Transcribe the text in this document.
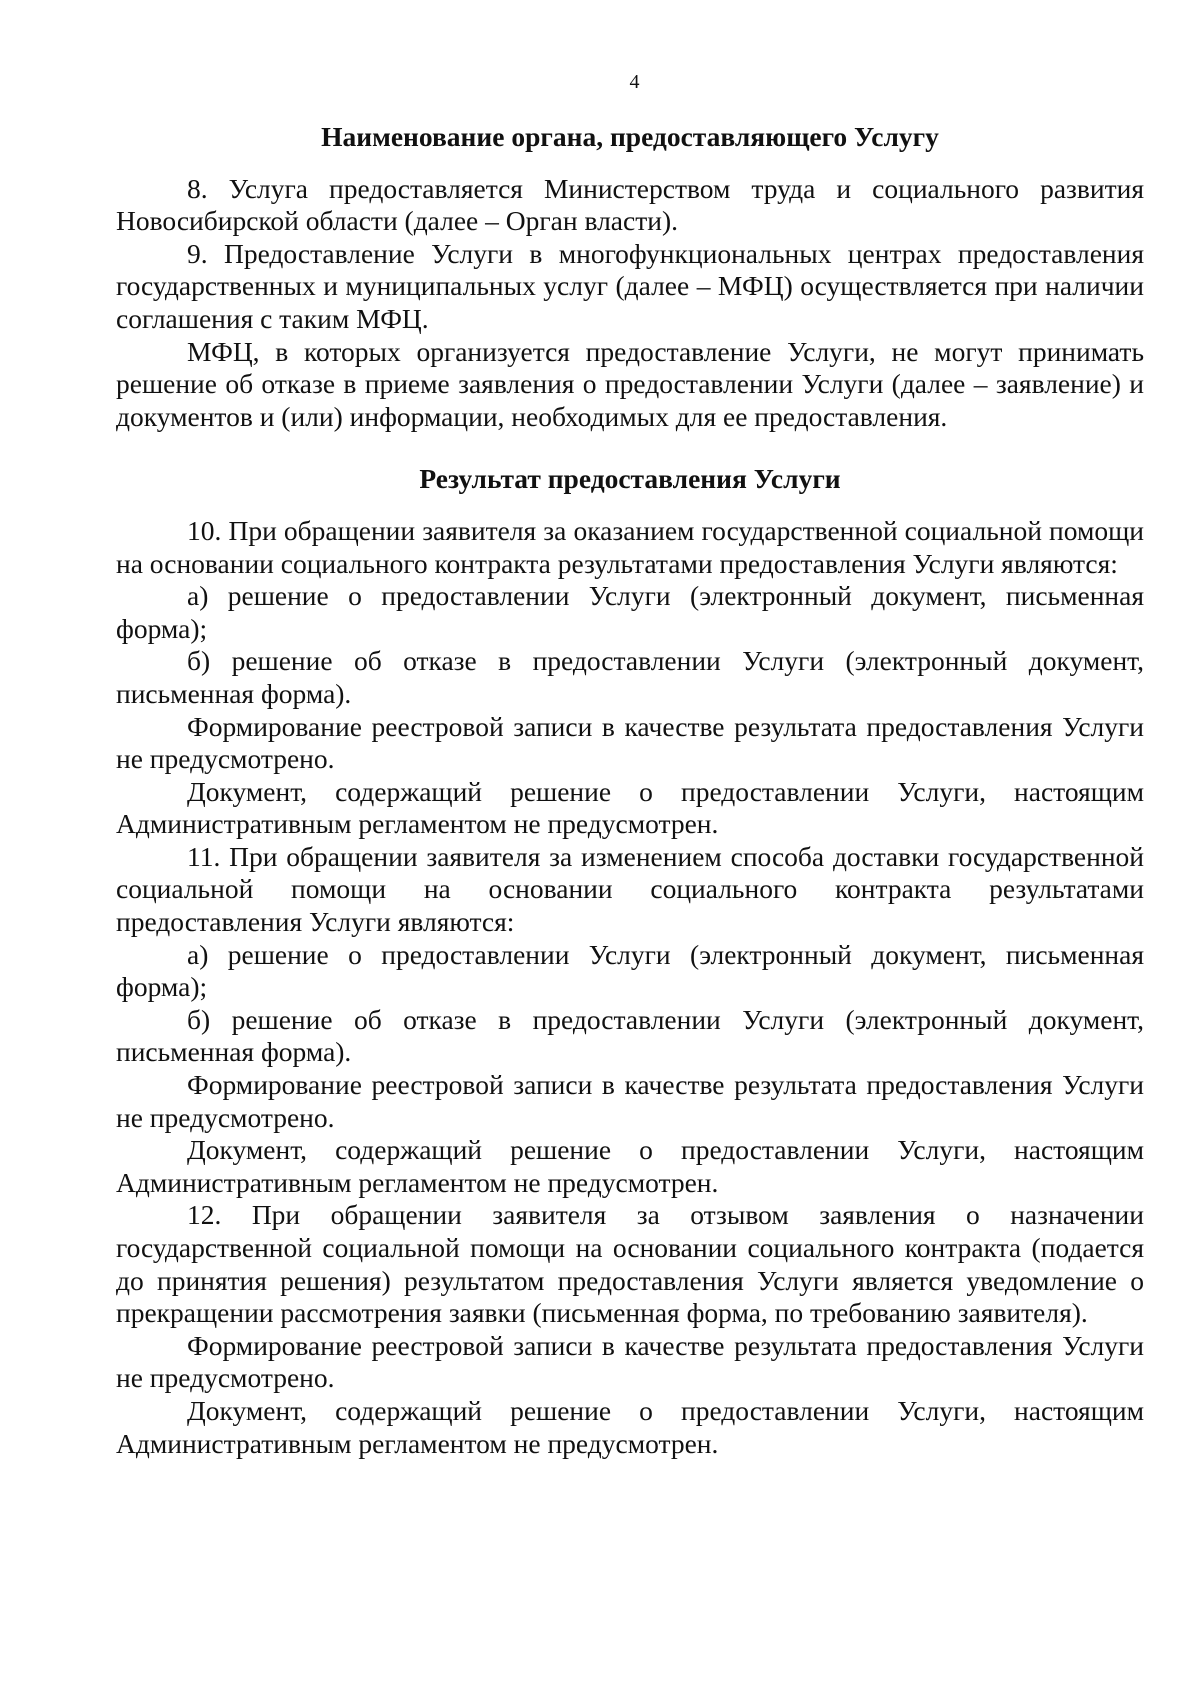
4
Наименование органа, предоставляющего Услугу

8. Услуга предоставляется Министерством труда и социального развития Новосибирской области (далее – Орган власти).

9. Предоставление Услуги в многофункциональных центрах предоставления государственных и муниципальных услуг (далее – МФЦ) осуществляется при наличии соглашения с таким МФЦ.

МФЦ, в которых организуется предоставление Услуги, не могут принимать решение об отказе в приеме заявления о предоставлении Услуги (далее – заявление) и документов и (или) информации, необходимых для ее предоставления.

Результат предоставления Услуги

10. При обращении заявителя за оказанием государственной социальной помощи на основании социального контракта результатами предоставления Услуги являются:

а) решение о предоставлении Услуги (электронный документ, письменная форма);

б) решение об отказе в предоставлении Услуги (электронный документ, письменная форма).

Формирование реестровой записи в качестве результата предоставления Услуги не предусмотрено.

Документ, содержащий решение о предоставлении Услуги, настоящим Административным регламентом не предусмотрен.

11. При обращении заявителя за изменением способа доставки государственной социальной помощи на основании социального контракта результатами предоставления Услуги являются:

а) решение о предоставлении Услуги (электронный документ, письменная форма);

б) решение об отказе в предоставлении Услуги (электронный документ, письменная форма).

Формирование реестровой записи в качестве результата предоставления Услуги не предусмотрено.

Документ, содержащий решение о предоставлении Услуги, настоящим Административным регламентом не предусмотрен.

12. При обращении заявителя за отзывом заявления о назначении государственной социальной помощи на основании социального контракта (подается до принятия решения) результатом предоставления Услуги является уведомление о прекращении рассмотрения заявки (письменная форма, по требованию заявителя).

Формирование реестровой записи в качестве результата предоставления Услуги не предусмотрено.

Документ, содержащий решение о предоставлении Услуги, настоящим Административным регламентом не предусмотрен.
